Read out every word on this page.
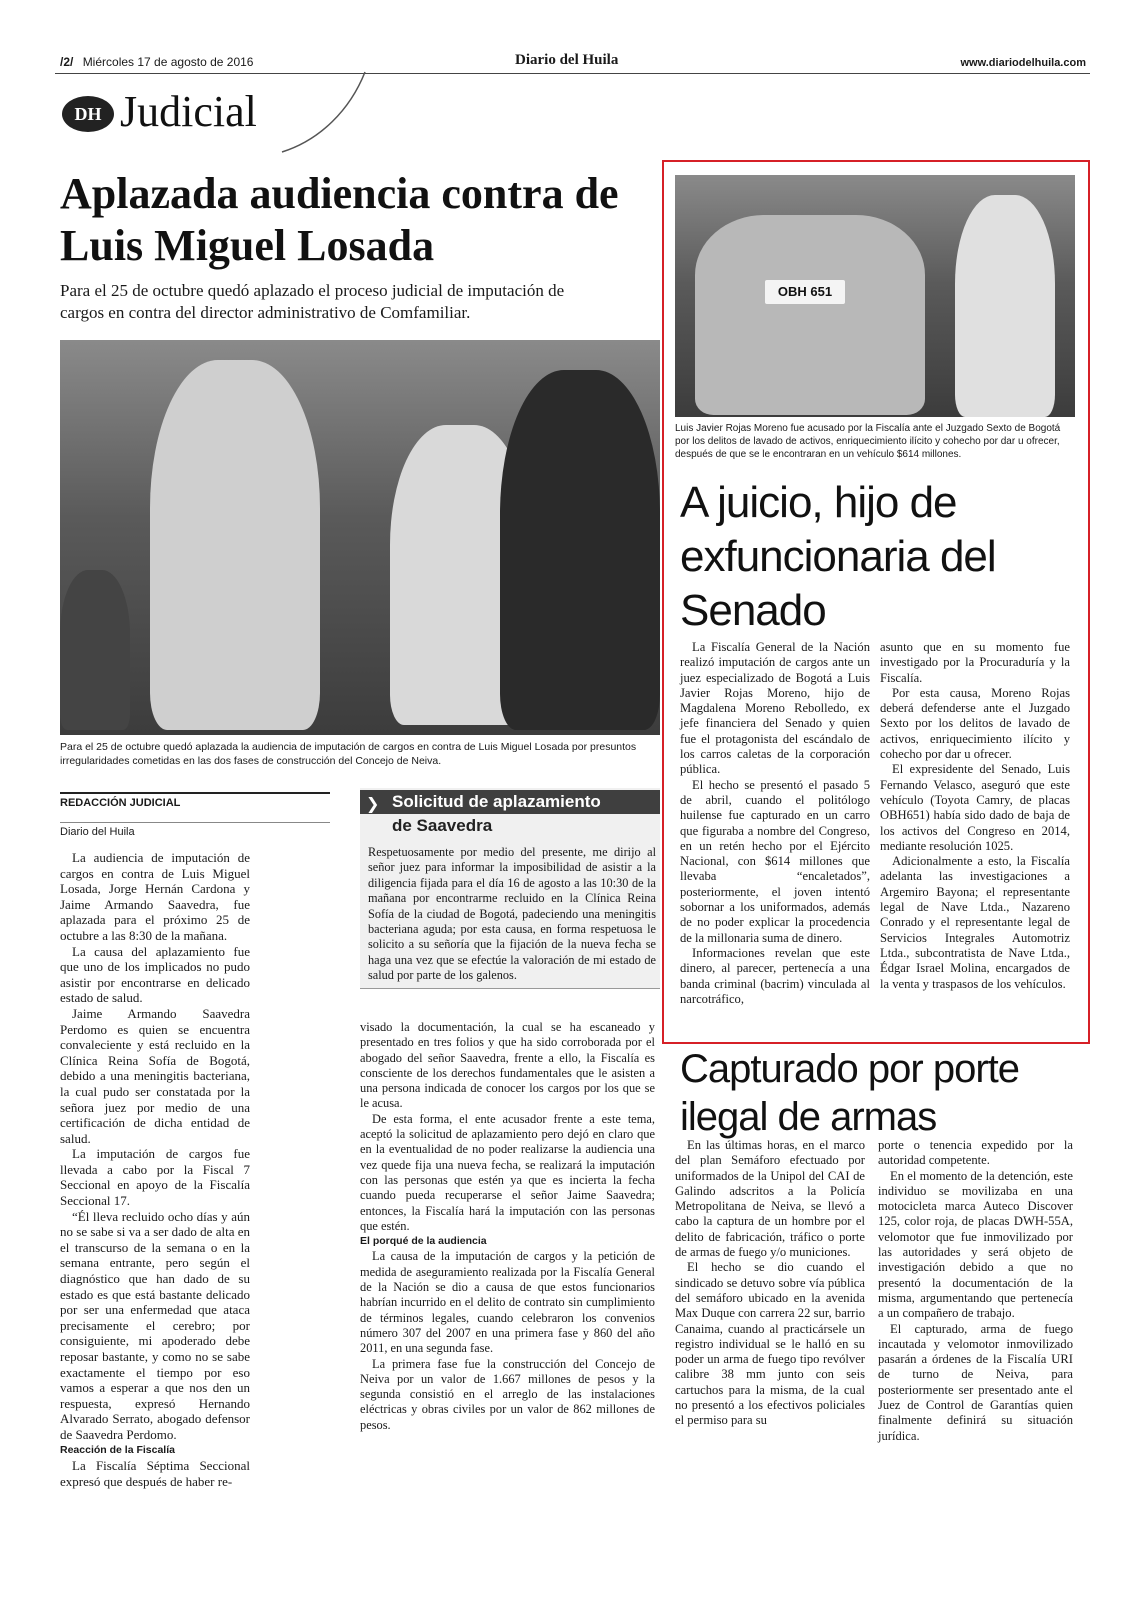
/2/ Miércoles 17 de agosto de 2016	Diario del Huila	www.diariodelhuila.com
DH Judicial
Aplazada audiencia contra de Luis Miguel Losada
Para el 25 de octubre quedó aplazado el proceso judicial de imputación de cargos en contra del director administrativo de Comfamiliar.
Para el 25 de octubre quedó aplazada la audiencia de imputación de cargos en contra de Luis Miguel Losada por presuntos irregularidades cometidas en las dos fases de construcción del Concejo de Neiva.
REDACCIÓN JUDICIAL
Diario del Huila

La audiencia de imputación de cargos en contra de Luis Miguel Losada, Jorge Hernán Cardona y Jaime Armando Saavedra, fue aplazada para el próximo 25 de octubre a las 8:30 de la mañana.

La causa del aplazamiento fue que uno de los implicados no pudo asistir por encontrarse en delicado estado de salud.

Jaime Armando Saavedra Perdomo es quien se encuentra convaleciente y está recluido en la Clínica Reina Sofía de Bogotá, debido a una meningitis bacteriana, la cual pudo ser constatada por la señora juez por medio de una certificación de dicha entidad de salud.

La imputación de cargos fue llevada a cabo por la Fiscal 7 Seccional en apoyo de la Fiscalía Seccional 17.

“Él lleva recluido ocho días y aún no se sabe si va a ser dado de alta en el transcurso de la semana o en la semana entrante, pero según el diagnóstico que han dado de su estado es que está bastante delicado por ser una enfermedad que ataca precisamente el cerebro; por consiguiente, mi apoderado debe reposar bastante, y como no se sabe exactamente el tiempo por eso vamos a esperar a que nos den un respuesta, expresó Hernando Alvarado Serrato, abogado defensor de Saavedra Perdomo.

Reacción de la Fiscalía

La Fiscalía Séptima Seccional expresó que después de haber re-

❯ Solicitud de aplazamiento
de Saavedra
Respetuosamente por medio del presente, me dirijo al señor juez para informar la imposibilidad de asistir a la diligencia fijada para el día 16 de agosto a las 10:30 de la mañana por encontrarme recluido en la Clínica Reina Sofía de la ciudad de Bogotá, padeciendo una meningitis bacteriana aguda; por esta causa, en forma respetuosa le solicito a su señoría que la fijación de la nueva fecha se haga una vez que se efectúe la valoración de mi estado de salud por parte de los galenos.

visado la documentación, la cual se ha escaneado y presentado en tres folios y que ha sido corroborada por el abogado del señor Saavedra, frente a ello, la Fiscalía es consciente de los derechos fundamentales que le asisten a una persona indicada de conocer los cargos por los que se le acusa.

De esta forma, el ente acusador frente a este tema, aceptó la solicitud de aplazamiento pero dejó en claro que en la eventualidad de no poder realizarse la audiencia una vez quede fija una nueva fecha, se realizará la imputación con las personas que estén ya que es incierta la fecha cuando pueda recuperarse el señor Jaime Saavedra; entonces, la Fiscalía hará la imputación con las personas que estén.

El porqué de la audiencia

La causa de la imputación de cargos y la petición de medida de aseguramiento realizada por la Fiscalía General de la Nación se dio a causa de que estos funcionarios habrían incurrido en el delito de contrato sin cumplimiento de términos legales, cuando celebraron los convenios número 307 del 2007 en una primera fase y 860 del año 2011, en una segunda fase.

La primera fase fue la construcción del Concejo de Neiva por un valor de 1.667 millones de pesos y la segunda consistió en el arreglo de las instalaciones eléctricas y obras civiles por un valor de 862 millones de pesos.

OBH 651
Luis Javier Rojas Moreno fue acusado por la Fiscalía ante el Juzgado Sexto de Bogotá por los delitos de lavado de activos, enriquecimiento ilícito y cohecho por dar u ofrecer, después de que se le encontraran en un vehículo $614 millones.
A juicio, hijo de exfuncionaria del Senado

La Fiscalía General de la Nación realizó imputación de cargos ante un juez especializado de Bogotá a Luis Javier Rojas Moreno, hijo de Magdalena Moreno Rebolledo, ex jefe financiera del Senado y quien fue el protagonista del escándalo de los carros caletas de la corporación pública.

El hecho se presentó el pasado 5 de abril, cuando el politólogo huilense fue capturado en un carro que figuraba a nombre del Congreso, en un retén hecho por el Ejército Nacional, con $614 millones que llevaba “encaletados”, posteriormente, el joven intentó sobornar a los uniformados, además de no poder explicar la procedencia de la millonaria suma de dinero.

Informaciones revelan que este dinero, al parecer, pertenecía a una banda criminal (bacrim) vinculada al narcotráfico,

asunto que en su momento fue investigado por la Procuraduría y la Fiscalía.

Por esta causa, Moreno Rojas deberá defenderse ante el Juzgado Sexto por los delitos de lavado de activos, enriquecimiento ilícito y cohecho por dar u ofrecer.

El expresidente del Senado, Luis Fernando Velasco, aseguró que este vehículo (Toyota Camry, de placas OBH651) había sido dado de baja de los activos del Congreso en 2014, mediante resolución 1025.

Adicionalmente a esto, la Fiscalía adelanta las investigaciones a Argemiro Bayona; el representante legal de Nave Ltda., Nazareno Conrado y el representante legal de Servicios Integrales Automotriz Ltda., subcontratista de Nave Ltda., Édgar Israel Molina, encargados de la venta y traspasos de los vehículos.

Capturado por porte ilegal de armas

En las últimas horas, en el marco del plan Semáforo efectuado por uniformados de la Unipol del CAI de Galindo adscritos a la Policía Metropolitana de Neiva, se llevó a cabo la captura de un hombre por el delito de fabricación, tráfico o porte de armas de fuego y/o municiones.

El hecho se dio cuando el sindicado se detuvo sobre vía pública del semáforo ubicado en la avenida Max Duque con carrera 22 sur, barrio Canaima, cuando al practicársele un registro individual se le halló en su poder un arma de fuego tipo revólver calibre 38 mm junto con seis cartuchos para la misma, de la cual no presentó a los efectivos policiales el permiso para su

porte o tenencia expedido por la autoridad competente.

En el momento de la detención, este individuo se movilizaba en una motocicleta marca Auteco Discover 125, color roja, de placas DWH-55A, velomotor que fue inmovilizado por las autoridades y será objeto de investigación debido a que no presentó la documentación de la misma, argumentando que pertenecía a un compañero de trabajo.

El capturado, arma de fuego incautada y velomotor inmovilizado pasarán a órdenes de la Fiscalía URI de turno de Neiva, para posteriormente ser presentado ante el Juez de Control de Garantías quien finalmente definirá su situación jurídica.
